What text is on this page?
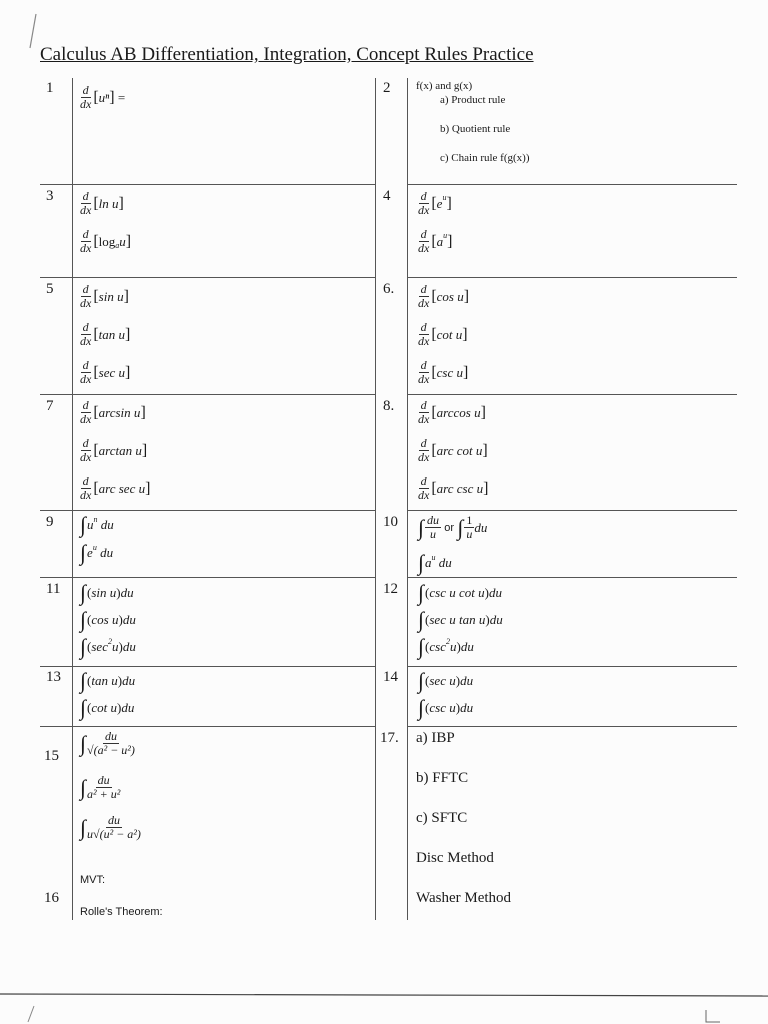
Calculus AB Differentiation, Integration, Concept Rules Practice
1 d
dx [ uⁿ ]
=
2 f(x) and g(x)
a) Product rule
b) Quotient rule
c) Chain rule f(g(x))
3 d
dx [ ln u ]
d
dx [ log a u ]
4	d
dx [ e u ]
d
dx [ a u ]
5 d
dx [ sin u ]
d
dx [ tan u ]
d
dx [ sec u ]
6. d
dx [ cos u ]
d
dx [ cot u ]
d
dx [ csc u ]
7 d
dx [ arcsin u ]
d
dx [ arctan u ]
d
dx [ arc sec u ]
8. d
dx [ arccos u ]
d
dx [ arc cot u ]
d
dx [ arc csc u ]
9 ∫ u n
du
∫ e u
du
10 ∫ $\frac{du}{u}$
or
∫ $\frac{1}{u}$ du
∫ a u
du
11 ∫ ( sin u ) du
∫ ( cos u ) du
∫ ( sec 2 u ) du
12 ∫ ( csc u cot u ) du
∫ ( sec u tan u ) du
∫ ( csc 2 u ) du
13 ∫ ( tan u ) du
∫ ( cot u ) du
14 ∫ ( sec u ) du
∫ ( csc u ) du
15
∫ $\frac{du}{\text{√(a² − u²)}}$
∫ $\frac{du}{\text{a² + u²}}$
∫ $\frac{du}{\text{u√(u² − a²)}}$
MVT:
16
Rolle's Theorem:
17. a) IBP
b) FFTC
c) SFTC
Disc Method
Washer Method
